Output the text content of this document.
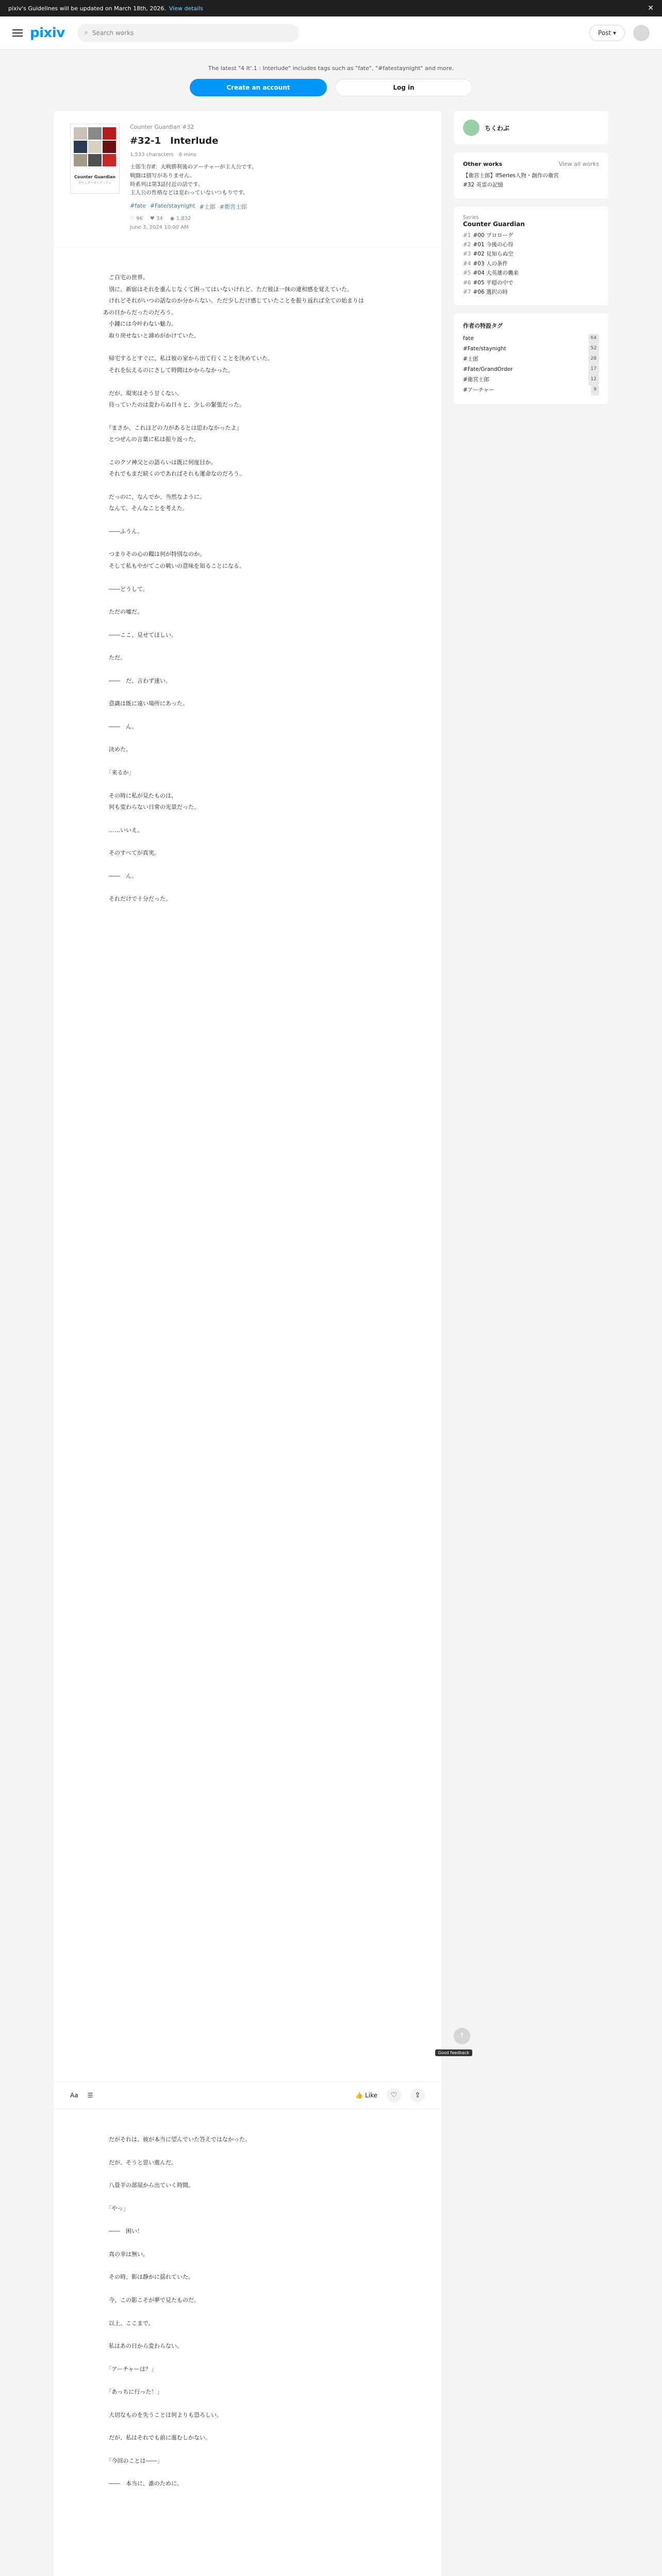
pixiv's Guidelines will be updated on March 18th, 2026. View details	✕
pixiv	⌕ Search works	Post ▾

The latest "4 It'.1 : Interlude" includes tags such as "fate", "#fatestaynight" and more.

Create an account	Log in
Counter Guardian
カウンターガーディアン
Counter Guardian #32
#32-1　Interlude
1,533 characters　 6 mins
士郎生存if：大戦勝利後のアーチャーが主人公です。
戦闘は描写がありません。
時系列は第3話付近の話です。
主人公の性格などは変わっていないつもりです。
#fate #Fate/staynight #士郎 #衛宮士郎
♡ 96 ♥ 34 ◉ 1,832
June 3, 2024 10:00 AM

　ご自宅の世界。

　別に、新宿はそれを重んじなくて困ってはいないけれど。ただ彼ほ一抹の違和感を覚えていた。

　けれどそれがいつの話なのか分からない。ただ少しだけ感じていたことを振り返れば全ての始まりは

あの日からだったのだろう。

　小鐘には今叶わない魅力。

　取り戻せないと諦めがかけていた。

　帰宅するとすぐに、私は彼の家から出て行くことを決めていた。

　それを伝えるのにさして時間はかからなかった。

　だが、現実はそう甘くない。

　待っていたのは変わらぬ日々と、少しの緊張だった。

　『まさか、これほどの力があるとは思わなかったよ』

　とつぜんの言葉に私は振り返った。

　このクソ神父との語らいは既に何度目か。

　それでもまだ続くのであればそれも運命なのだろう。

　だっのに、なんでか、当然なように。

　なんて、そんなことを考えた。

　――ふうん。

　つまりその心の糧は何が特別なのか。

　そして私もやがてこの戦いの意味を知ることになる。

　――どうして。

　ただの嘘だ。

　――ここ、見せてほしい。

　ただ。

　――　だ、言わず達い。

　意識は既に遠い場所にあった。

　――　ん。

　決めた。

　「来るか」

　その時に私が見たものは、

　何も変わらない日常の光景だった。

　……いいえ。

　そのすべてが真実。

　――　ん。

　それだけで十分だった。

Aa ☰	👍 Like	♡	⇪

　だがそれは、彼が本当に望んでいた答えではなかった。

　だが、そうと思い進んだ。

　八畳半の部屋から出ていく時間。

　「やっ」

　――　困い！

　真の幸は無い。

　その時、影は静かに揺れていた。

　今、この影こそが夢で見たものだ。

　以上、ここまで。

　私はあの日から変わらない。

　「アーチャーは？」

　「あっちに行った！」

　大切なものを失うことは何よりも恐ろしい。

　だが、私はそれでも前に進むしかない。

　「今回のことは――」

　――　本当に、誰のために。

↑
Good feedback
ちくわぶ
Other works	View all works
【衛宮士郎】ifSeries人物・創作の衛宮
#32 英霊の記憶
Series
Counter Guardian
#1 #00 プロローグ
#2 #01 今後の心得
#3 #02 見知らぬ空
#4 #03 人の条件
#5 #04 大英雄の襲来
#6 #05 平穏の中で
#7 #06 選択の時
作者の特設タグ
fate	64
#Fate/staynight	52
#士郎	28
#Fate/GrandOrder	17
#衛宮士郎	12
#アーチャー	9
